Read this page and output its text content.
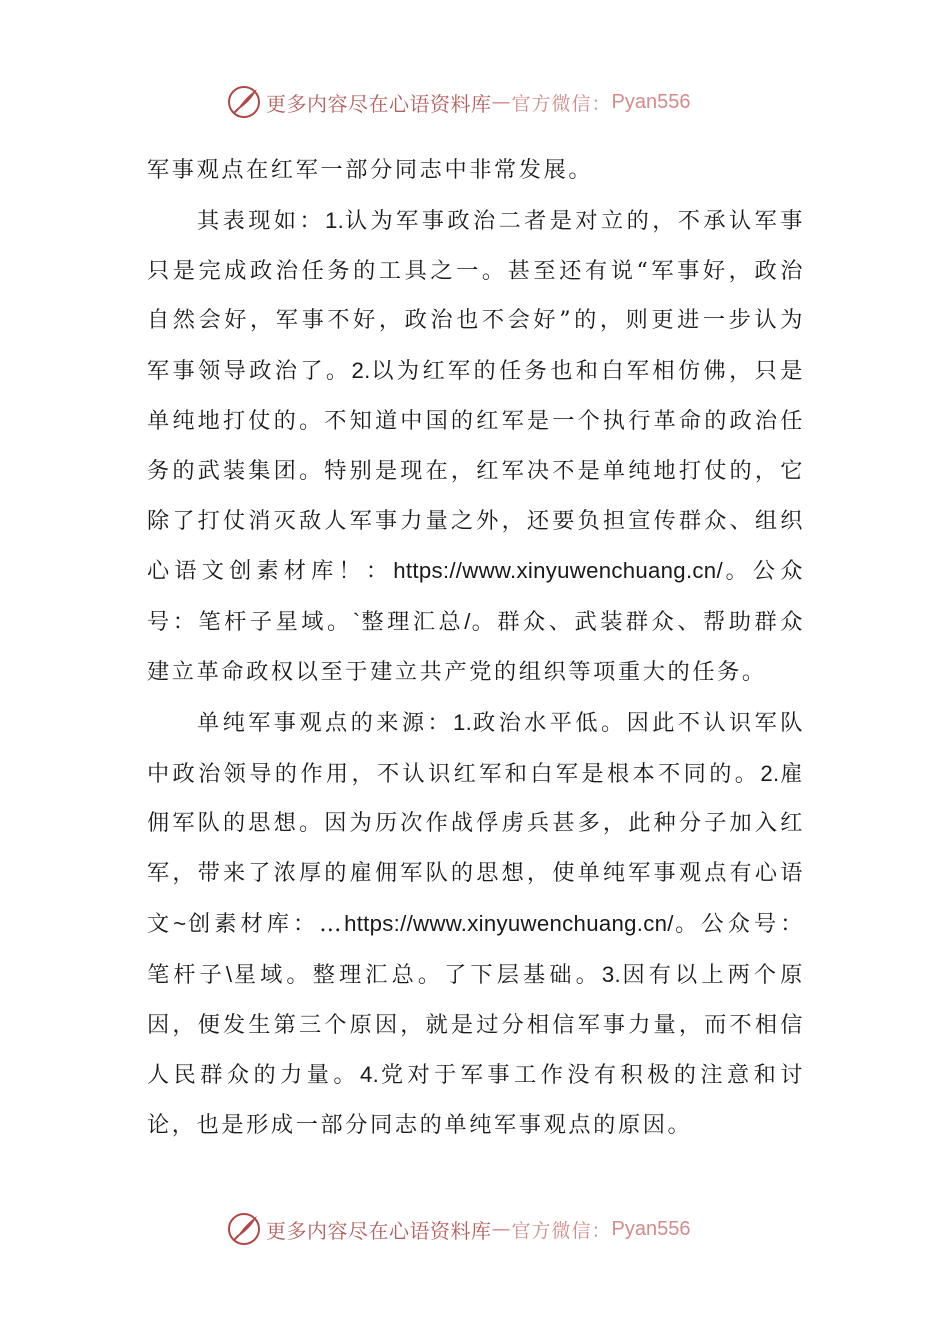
更多内容尽在心语资料库 — 官方微信： Pyan556

军事观点在红军一部分同志中非常发展。

其表现如：1.认为军事政治二者是对立的，不承认军事只是完成政治任务的工具之一。甚至还有说“军事好，政治自然会好，军事不好，政治也不会好”的，则更进一步认为军事领导政治了。2.以为红军的任务也和白军相仿佛，只是单纯地打仗的。不知道中国的红军是一个执行革命的政治任务的武装集团。特别是现在，红军决不是单纯地打仗的，它除了打仗消灭敌人军事力量之外，还要负担宣传群众、组织心语文创素材库！：https://www.xinyuwenchuang.cn/。公众号：笔杆子星域。`整理汇总/。群众、武装群众、帮助群众建立革命政权以至于建立共产党的组织等项重大的任务。

单纯军事观点的来源：1.政治水平低。因此不认识军队中政治领导的作用，不认识红军和白军是根本不同的。2.雇佣军队的思想。因为历次作战俘虏兵甚多，此种分子加入红军，带来了浓厚的雇佣军队的思想，使单纯军事观点有心语文~创素材库：…https://www.xinyuwenchuang.cn/。公众号：笔杆子\星域。整理汇总。了下层基础。3.因有以上两个原因，便发生第三个原因，就是过分相信军事力量，而不相信人民群众的力量。4.党对于军事工作没有积极的注意和讨论，也是形成一部分同志的单纯军事观点的原因。

更多内容尽在心语资料库 — 官方微信： Pyan556
